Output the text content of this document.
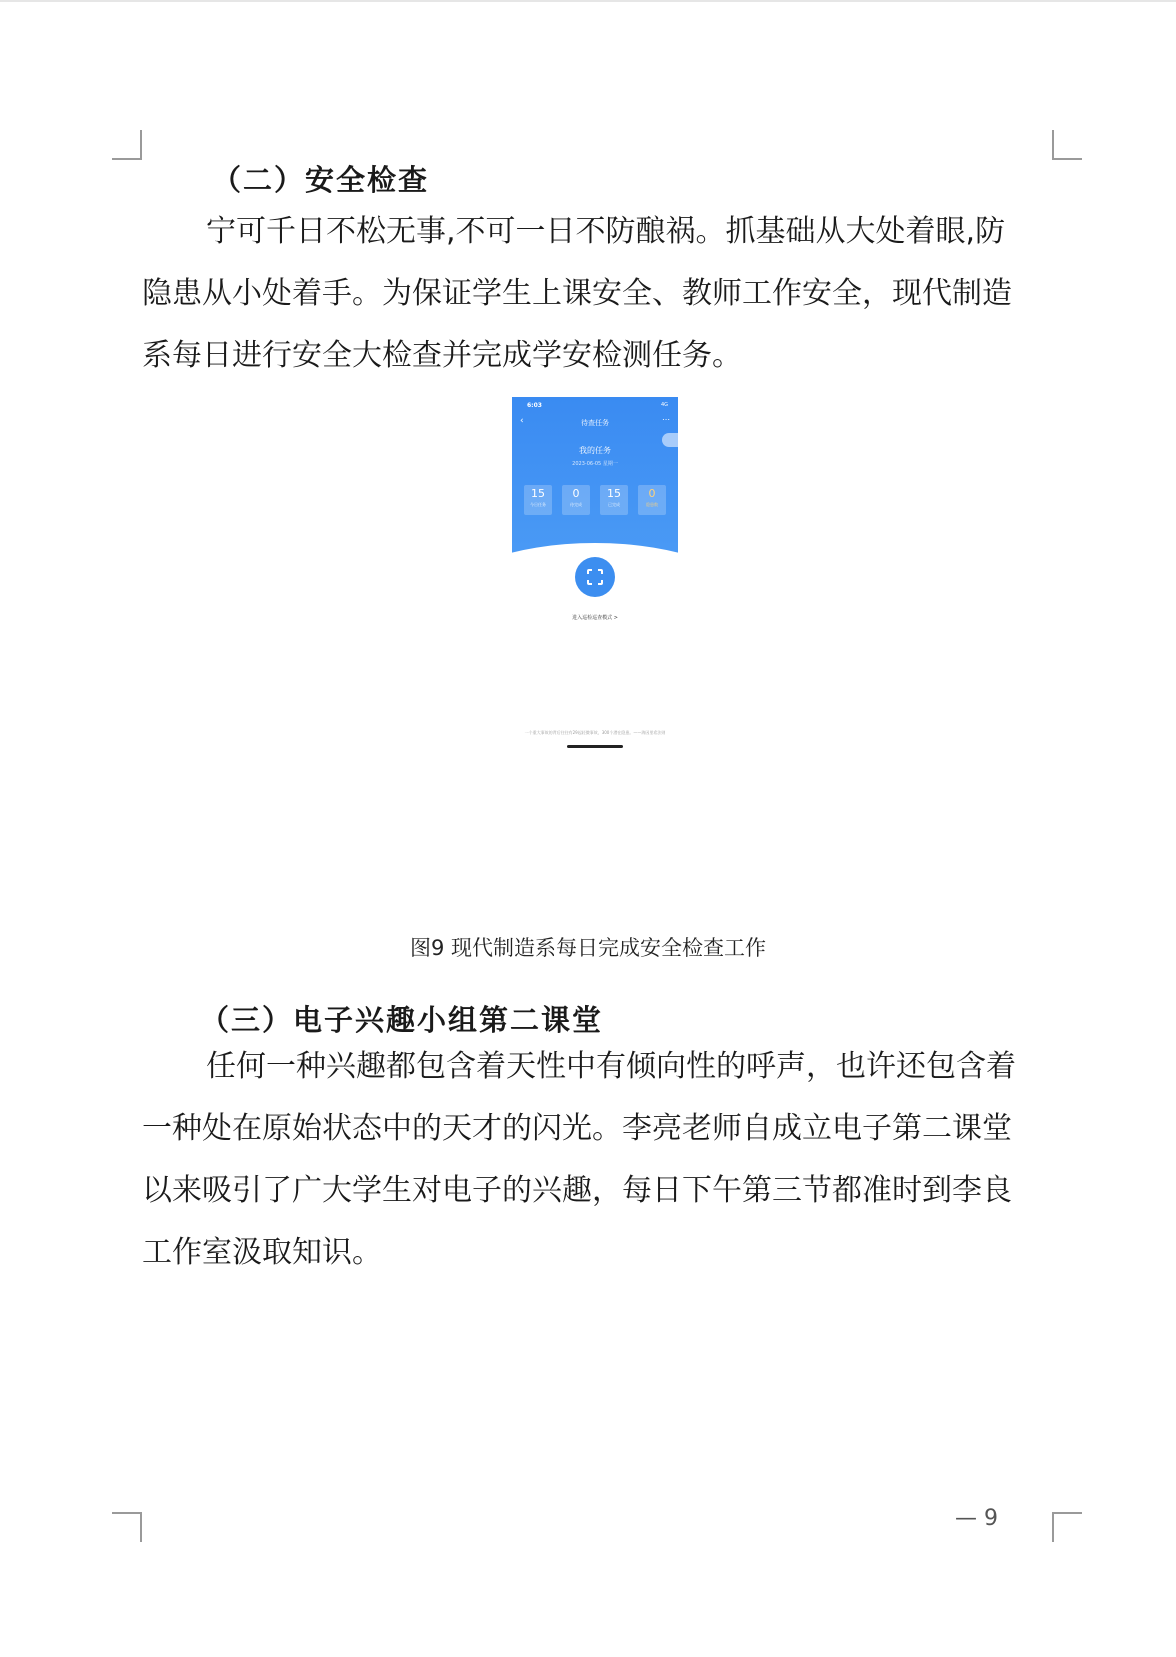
（二）安全检查
宁可千日不松无事,不可一日不防酿祸。抓基础从大处着眼,防
隐患从小处着手。为保证学生上课安全、教师工作安全，现代制造
系每日进行安全大检查并完成学安检测任务。
6:03	4G
‹	待查任务	⋯
我的任务
2023-06-05 星期一
15
今日任务
0
待完成
15
已完成
0
隐患数
进入巡检巡查模式 >
一个重大事故的背后往往有29起轻微事故，300个潜在隐患。——海因里希法则
图9 现代制造系每日完成安全检查工作
（三）电子兴趣小组第二课堂
任何一种兴趣都包含着天性中有倾向性的呼声，也许还包含着
一种处在原始状态中的天才的闪光。李亮老师自成立电子第二课堂
以来吸引了广大学生对电子的兴趣，每日下午第三节都准时到李良
工作室汲取知识。
— 9
